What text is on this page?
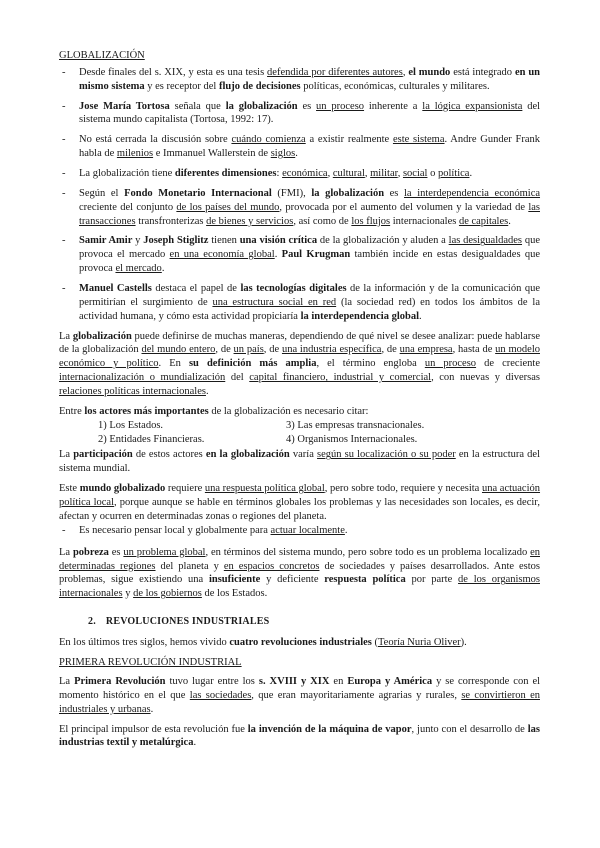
GLOBALIZACIÓN
- Desde finales del s. XIX, y esta es una tesis defendida por diferentes autores, el mundo está integrado en un mismo sistema y es receptor del flujo de decisiones políticas, económicas, culturales y militares.
- Jose María Tortosa señala que la globalización es un proceso inherente a la lógica expansionista del sistema mundo capitalista (Tortosa, 1992: 17).
- No está cerrada la discusión sobre cuándo comienza a existir realmente este sistema. Andre Gunder Frank habla de milenios e Immanuel Wallerstein de siglos.
- La globalización tiene diferentes dimensiones: económica, cultural, militar, social o política.
- Según el Fondo Monetario Internacional (FMI), la globalización es la interdependencia económica creciente del conjunto de los países del mundo, provocada por el aumento del volumen y la variedad de las transacciones transfronterizas de bienes y servicios, así como de los flujos internacionales de capitales.
- Samir Amir y Joseph Stiglitz tienen una visión crítica de la globalización y aluden a las desigualdades que provoca el mercado en una economía global. Paul Krugman también incide en estas desigualdades que provoca el mercado.
- Manuel Castells destaca el papel de las tecnologías digitales de la información y de la comunicación que permitirían el surgimiento de una estructura social en red (la sociedad red) en todos los ámbitos de la actividad humana, y cómo esta actividad propiciaría la interdependencia global.

La globalización puede definirse de muchas maneras, dependiendo de qué nivel se desee analizar: puede hablarse de la globalización del mundo entero, de un país, de una industria específica, de una empresa, hasta de un modelo económico y político. En su definición más amplia, el término engloba un proceso de creciente internacionalización o mundialización del capital financiero, industrial y comercial, con nuevas y diversas relaciones políticas internacionales.

Entre los actores más importantes de la globalización es necesario citar:

1) Los Estados.	3) Las empresas transnacionales.
2) Entidades Financieras.	4) Organismos Internacionales.

La participación de estos actores en la globalización varía según su localización o su poder en la estructura del sistema mundial.

Este mundo globalizado requiere una respuesta política global, pero sobre todo, requiere y necesita una actuación política local, porque aunque se hable en términos globales los problemas y las necesidades son locales, es decir, afectan y ocurren en determinadas zonas o regiones del planeta.

- Es necesario pensar local y globalmente para actuar localmente.

La pobreza es un problema global, en términos del sistema mundo, pero sobre todo es un problema localizado en determinadas regiones del planeta y en espacios concretos de sociedades y países desarrollados. Ante estos problemas, sigue existiendo una insuficiente y deficiente respuesta política por parte de los organismos internacionales y de los gobiernos de los Estados.

2. REVOLUCIONES INDUSTRIALES

En los últimos tres siglos, hemos vivido cuatro revoluciones industriales (Teoría Nuria Oliver).

PRIMERA REVOLUCIÓN INDUSTRIAL

La Primera Revolución tuvo lugar entre los s. XVIII y XIX en Europa y América y se corresponde con el momento histórico en el que las sociedades, que eran mayoritariamente agrarias y rurales, se convirtieron en industriales y urbanas.

El principal impulsor de esta revolución fue la invención de la máquina de vapor, junto con el desarrollo de las industrias textil y metalúrgica.
